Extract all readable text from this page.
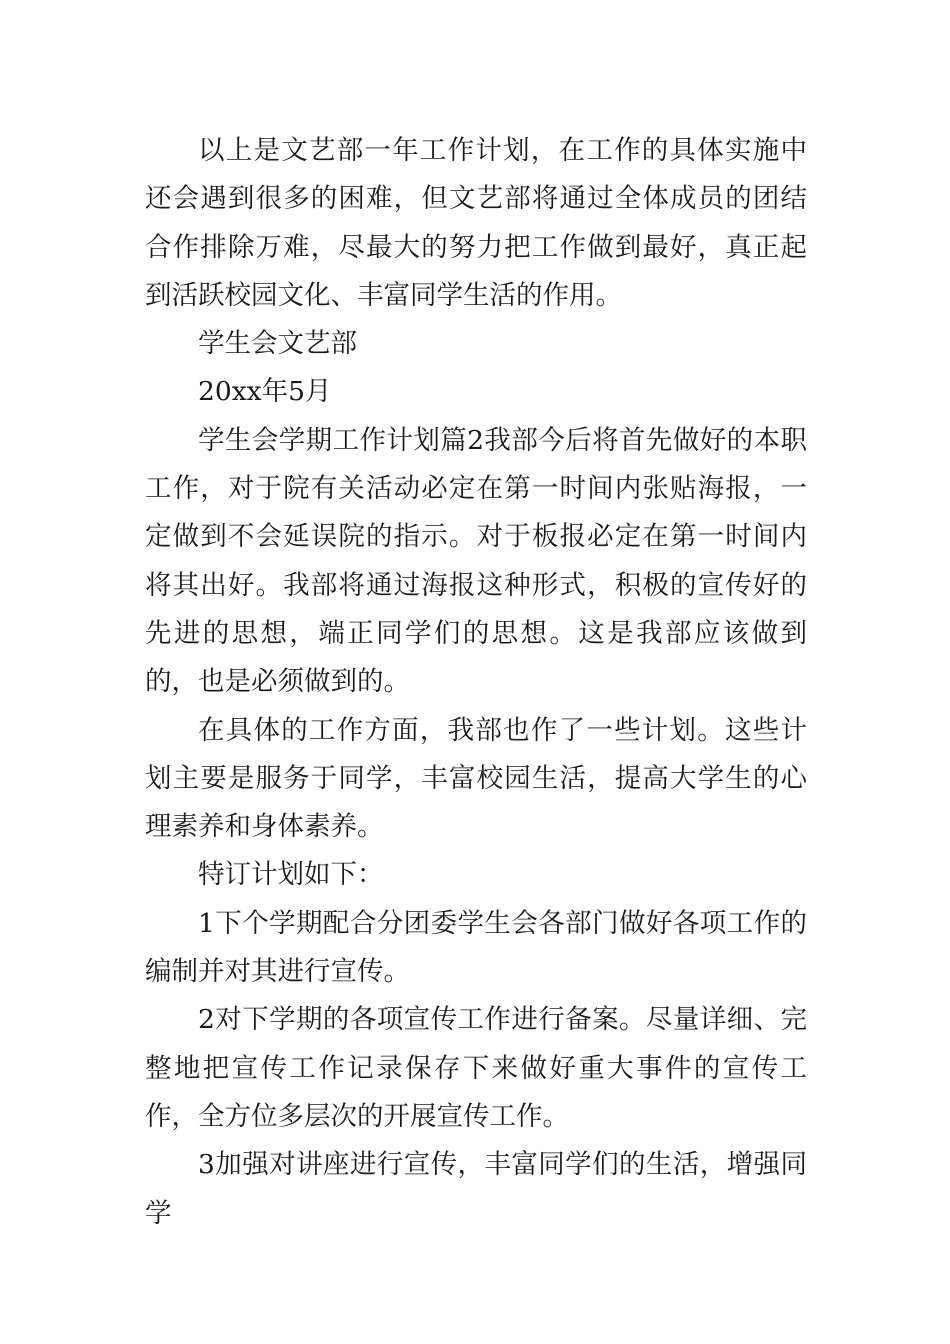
以上是文艺部一年工作计划，在工作的具体实施中还会遇到很多的困难，但文艺部将通过全体成员的团结合作排除万难，尽最大的努力把工作做到最好，真正起到活跃校园文化、丰富同学生活的作用。

学生会文艺部

20xx年5月

学生会学期工作计划篇2我部今后将首先做好的本职工作，对于院有关活动必定在第一时间内张贴海报，一定做到不会延误院的指示。对于板报必定在第一时间内将其出好。我部将通过海报这种形式，积极的宣传好的先进的思想，端正同学们的思想。这是我部应该做到的，也是必须做到的。

在具体的工作方面，我部也作了一些计划。这些计划主要是服务于同学，丰富校园生活，提高大学生的心理素养和身体素养。

特订计划如下：

1下个学期配合分团委学生会各部门做好各项工作的编制并对其进行宣传。

2对下学期的各项宣传工作进行备案。尽量详细、完整地把宣传工作记录保存下来做好重大事件的宣传工作，全方位多层次的开展宣传工作。

3加强对讲座进行宣传，丰富同学们的生活，增强同学
